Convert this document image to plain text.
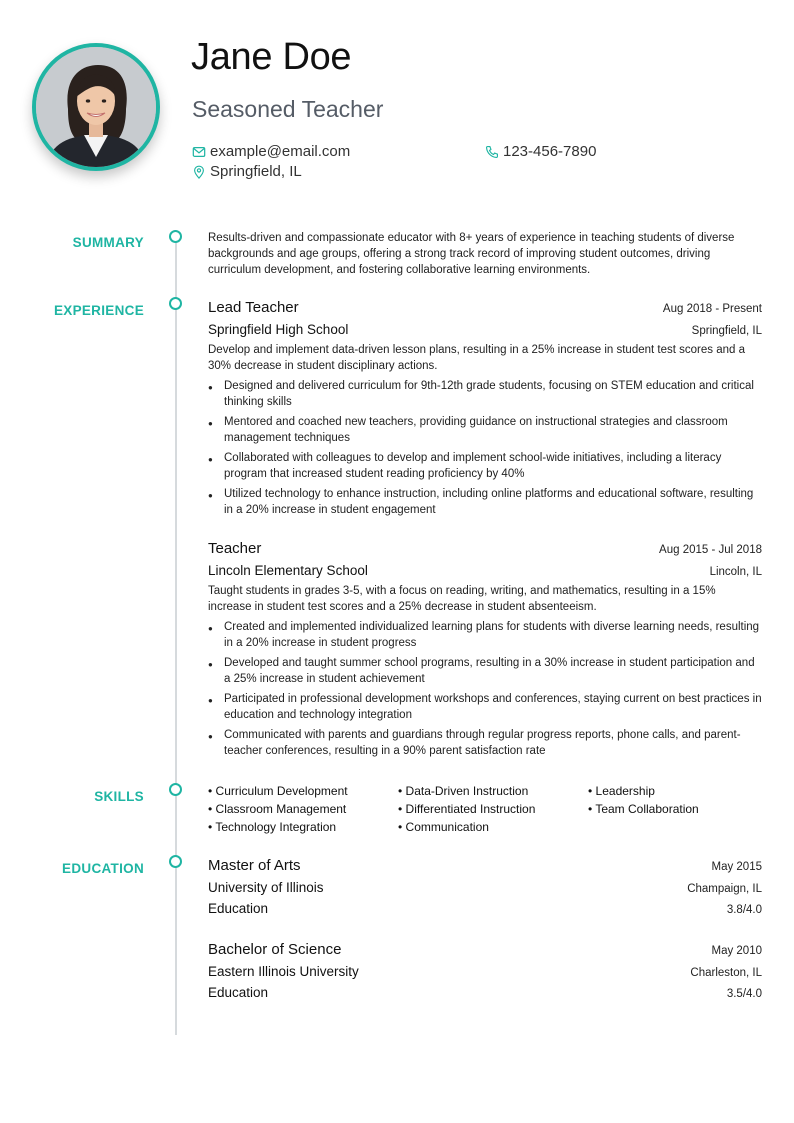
Jane Doe
Seasoned Teacher
example@email.com	123-456-7890
Springfield, IL
SUMMARY
EXPERIENCE
SKILLS
EDUCATION
Results-driven and compassionate educator with 8+ years of experience in teaching students of diverse backgrounds and age groups, offering a strong track record of improving student outcomes, driving curriculum development, and fostering collaborative learning environments.
Lead Teacher	Aug 2018 - Present
Springfield High School	Springfield, IL
Develop and implement data-driven lesson plans, resulting in a 25% increase in student test scores and a 30% decrease in student disciplinary actions.
● Designed and delivered curriculum for 9th-12th grade students, focusing on STEM education and critical thinking skills
● Mentored and coached new teachers, providing guidance on instructional strategies and classroom management techniques
● Collaborated with colleagues to develop and implement school-wide initiatives, including a literacy program that increased student reading proficiency by 40%
● Utilized technology to enhance instruction, including online platforms and educational software, resulting in a 20% increase in student engagement
Teacher	Aug 2015 - Jul 2018
Lincoln Elementary School	Lincoln, IL
Taught students in grades 3-5, with a focus on reading, writing, and mathematics, resulting in a 15% increase in student test scores and a 25% decrease in student absenteeism.
● Created and implemented individualized learning plans for students with diverse learning needs, resulting in a 20% increase in student progress
● Developed and taught summer school programs, resulting in a 30% increase in student participation and a 25% increase in student achievement
● Participated in professional development workshops and conferences, staying current on best practices in education and technology integration
● Communicated with parents and guardians through regular progress reports, phone calls, and parent-teacher conferences, resulting in a 90% parent satisfaction rate
• Curriculum Development	• Data-Driven Instruction	• Leadership
• Classroom Management	• Differentiated Instruction	• Team Collaboration
• Technology Integration	• Communication
Master of Arts	May 2015
University of Illinois	Champaign, IL
Education	3.8/4.0
Bachelor of Science	May 2010
Eastern Illinois University	Charleston, IL
Education	3.5/4.0
